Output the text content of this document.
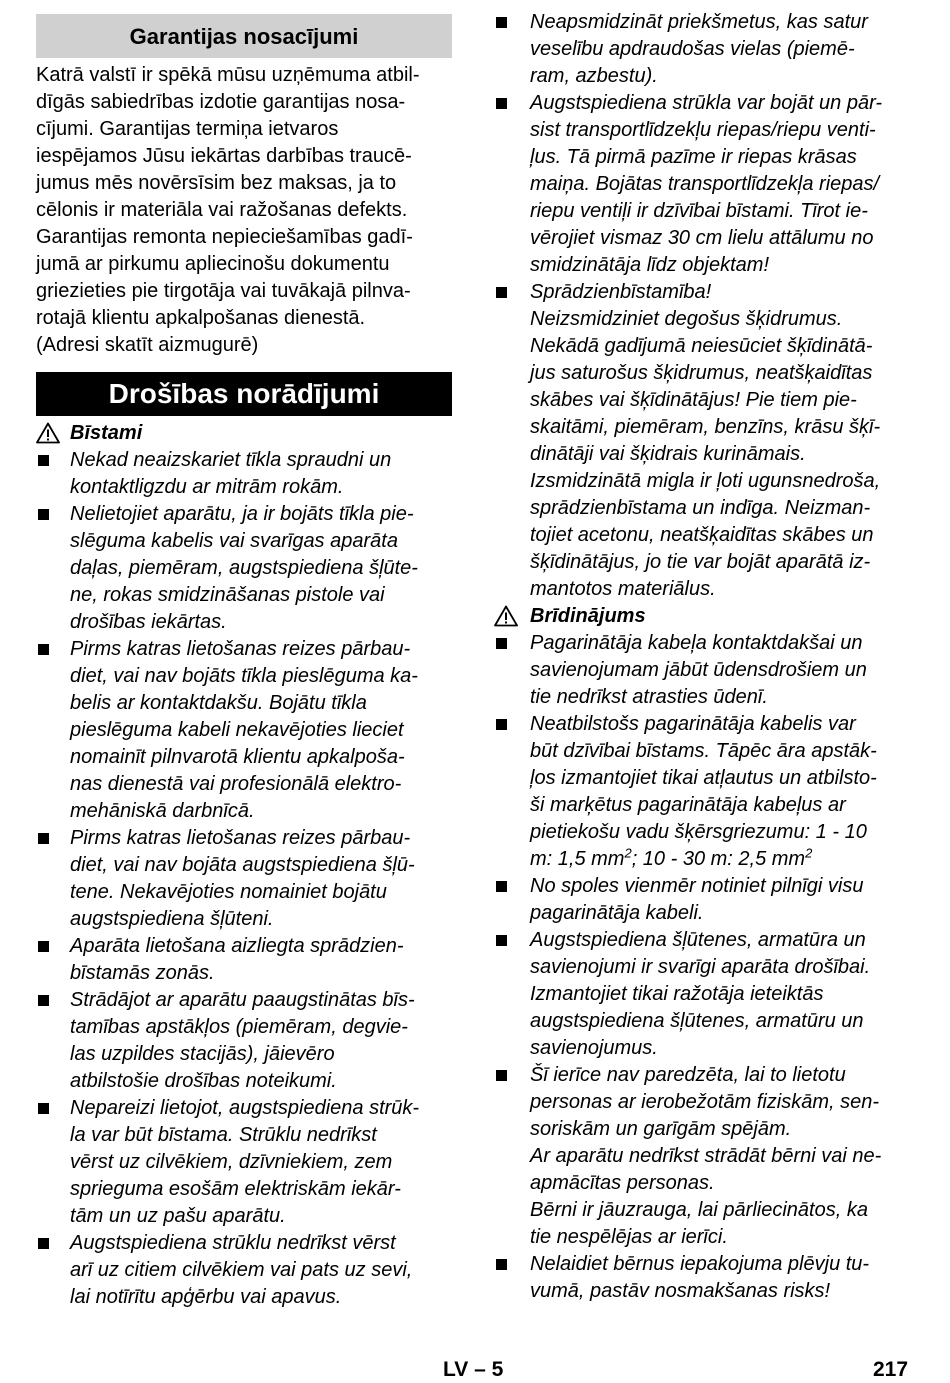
Garantijas nosacījumi

Katrā valstī ir spēkā mūsu uzņēmuma atbil-
dīgās sabiedrības izdotie garantijas nosa-
cījumi. Garantijas termiņa ietvaros
iespējamos Jūsu iekārtas darbības traucē-
jumus mēs novērsīsim bez maksas, ja to
cēlonis ir materiāla vai ražošanas defekts.
Garantijas remonta nepieciešamības gadī-
jumā ar pirkumu apliecinošu dokumentu
griezieties pie tirgotāja vai tuvākajā pilnva-
rotajā klientu apkalpošanas dienestā.
(Adresi skatīt aizmugurē)

Drošības norādījumi
Bīstami
Nekad neaizskariet tīkla spraudni un
kontaktligzdu ar mitrām rokām.
Nelietojiet aparātu, ja ir bojāts tīkla pie-
slēguma kabelis vai svarīgas aparāta
daļas, piemēram, augstspiediena šļūte-
ne, rokas smidzināšanas pistole vai
drošības iekārtas.
Pirms katras lietošanas reizes pārbau-
diet, vai nav bojāts tīkla pieslēguma ka-
belis ar kontaktdakšu. Bojātu tīkla
pieslēguma kabeli nekavējoties lieciet
nomainīt pilnvarotā klientu apkalpoša-
nas dienestā vai profesionālā elektro-
mehāniskā darbnīcā.
Pirms katras lietošanas reizes pārbau-
diet, vai nav bojāta augstspiediena šļū-
tene. Nekavējoties nomainiet bojātu
augstspiediena šļūteni.
Aparāta lietošana aizliegta sprādzien-
bīstamās zonās.
Strādājot ar aparātu paaugstinātas bīs-
tamības apstākļos (piemēram, degvie-
las uzpildes stacijās), jāievēro
atbilstošie drošības noteikumi.
Nepareizi lietojot, augstspiediena strūk-
la var būt bīstama. Strūklu nedrīkst
vērst uz cilvēkiem, dzīvniekiem, zem
sprieguma esošām elektriskām iekār-
tām un uz pašu aparātu.
Augstspiediena strūklu nedrīkst vērst
arī uz citiem cilvēkiem vai pats uz sevi,
lai notīrītu apģērbu vai apavus.
Neapsmidzināt priekšmetus, kas satur
veselību apdraudošas vielas (piemē-
ram, azbestu).
Augstspiediena strūkla var bojāt un pār-
sist transportlīdzekļu riepas/riepu venti-
ļus. Tā pirmā pazīme ir riepas krāsas
maiņa. Bojātas transportlīdzekļa riepas/
riepu ventiļi ir dzīvībai bīstami. Tīrot ie-
vērojiet vismaz 30 cm lielu attālumu no
smidzinātāja līdz objektam!
Sprādzienbīstamība!
Neizsmidziniet degošus šķidrumus.
Nekādā gadījumā neiesūciet šķīdinātā-
jus saturošus šķidrumus, neatšķaidītas
skābes vai šķīdinātājus! Pie tiem pie-
skaitāmi, piemēram, benzīns, krāsu šķī-
dinātāji vai šķidrais kurināmais.
Izsmidzinātā migla ir ļoti ugunsnedroša,
sprādzienbīstama un indīga. Neizman-
tojiet acetonu, neatšķaidītas skābes un
šķīdinātājus, jo tie var bojāt aparātā iz-
mantotos materiālus.
Brīdinājums
Pagarinātāja kabeļa kontaktdakšai un
savienojumam jābūt ūdensdrošiem un
tie nedrīkst atrasties ūdenī.
Neatbilstošs pagarinātāja kabelis var
būt dzīvībai bīstams. Tāpēc āra apstāk-
ļos izmantojiet tikai atļautus un atbilsto-
ši marķētus pagarinātāja kabeļus ar
pietiekošu vadu šķērsgriezumu: 1 - 10
m: 1,5 $mm^2$; 10 - 30 m: 2,5 $mm^2$
No spoles vienmēr notiniet pilnīgi visu
pagarinātāja kabeli.
Augstspiediena šļūtenes, armatūra un
savienojumi ir svarīgi aparāta drošībai.
Izmantojiet tikai ražotāja ieteiktās
augstspiediena šļūtenes, armatūru un
savienojumus.
Šī ierīce nav paredzēta, lai to lietotu
personas ar ierobežotām fiziskām, sen-
soriskām un garīgām spējām.
Ar aparātu nedrīkst strādāt bērni vai ne-
apmācītas personas.
Bērni ir jāuzrauga, lai pārliecinātos, ka
tie nespēlējas ar ierīci.
Nelaidiet bērnus iepakojuma plēvju tu-
vumā, pastāv nosmakšanas risks!
LV – 5	217
